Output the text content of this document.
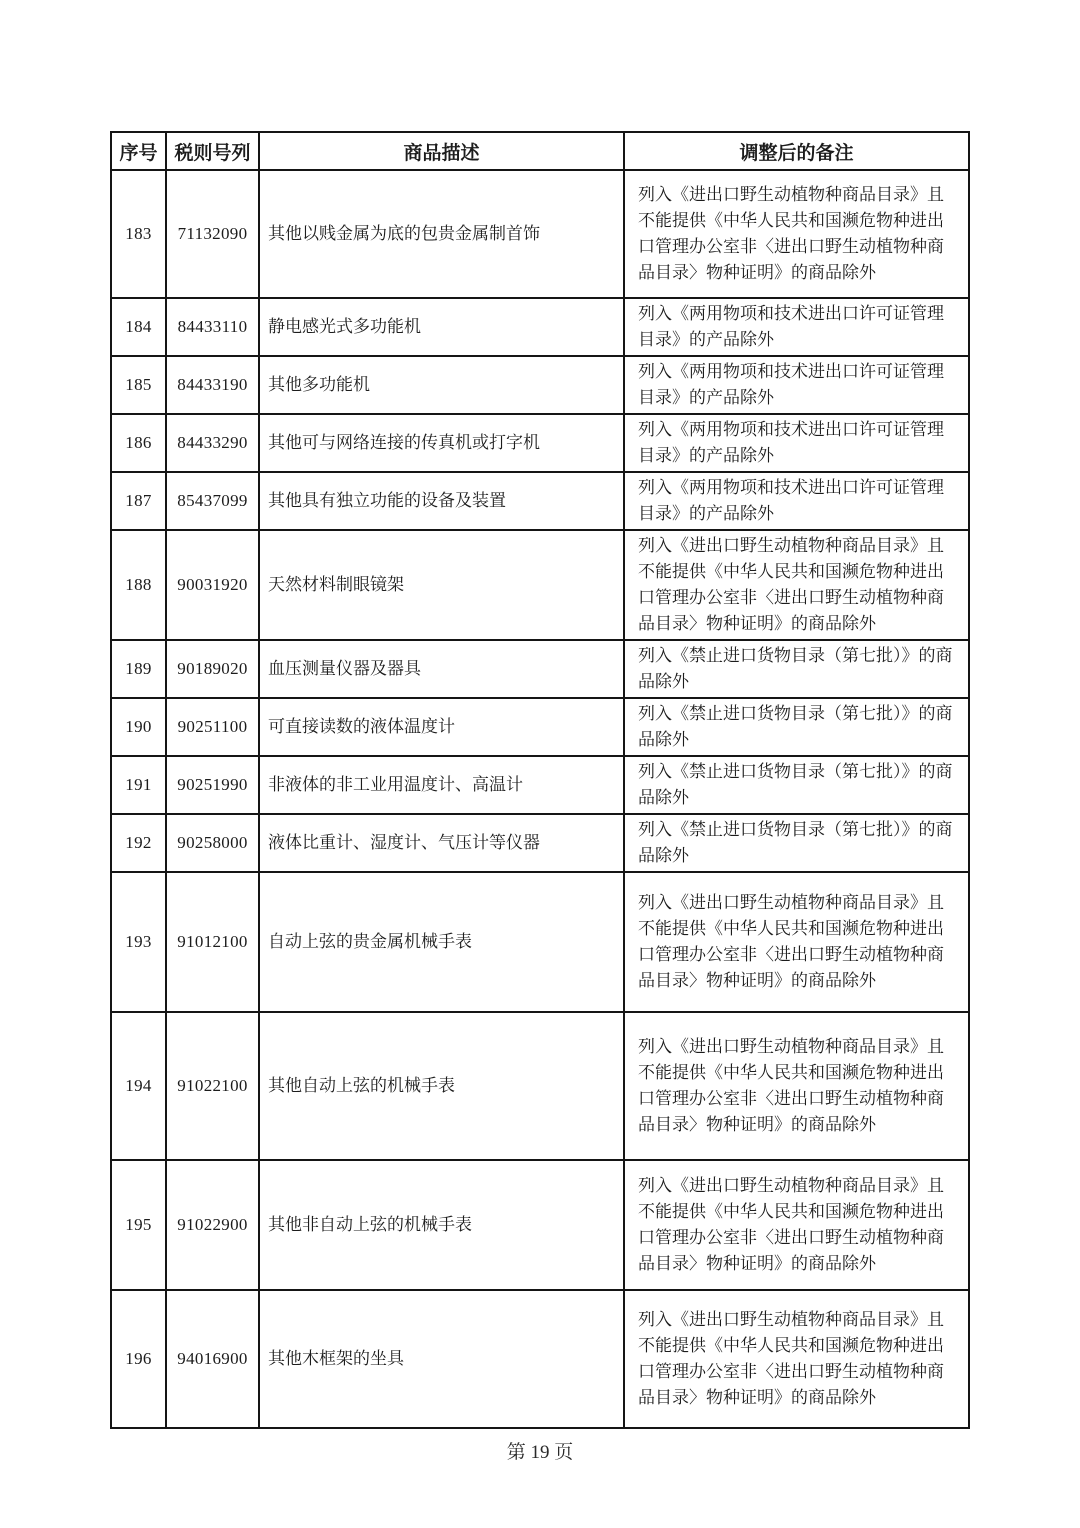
序号	税则号列	商品描述	调整后的备注
183	71132090	其他以贱金属为底的包贵金属制首饰	列入《进出口野生动植物种商品目录》且不能提供《中华人民共和国濒危物种进出口管理办公室非〈进出口野生动植物种商品目录〉物种证明》的商品除外
184	84433110	静电感光式多功能机	列入《两用物项和技术进出口许可证管理目录》的产品除外
185	84433190	其他多功能机	列入《两用物项和技术进出口许可证管理目录》的产品除外
186	84433290	其他可与网络连接的传真机或打字机	列入《两用物项和技术进出口许可证管理目录》的产品除外
187	85437099	其他具有独立功能的设备及装置	列入《两用物项和技术进出口许可证管理目录》的产品除外
188	90031920	天然材料制眼镜架	列入《进出口野生动植物种商品目录》且不能提供《中华人民共和国濒危物种进出口管理办公室非〈进出口野生动植物种商品目录〉物种证明》的商品除外
189	90189020	血压测量仪器及器具	列入《禁止进口货物目录（第七批）》的商品除外
190	90251100	可直接读数的液体温度计	列入《禁止进口货物目录（第七批）》的商品除外
191	90251990	非液体的非工业用温度计、高温计	列入《禁止进口货物目录（第七批）》的商品除外
192	90258000	液体比重计、湿度计、气压计等仪器	列入《禁止进口货物目录（第七批）》的商品除外
193	91012100	自动上弦的贵金属机械手表	列入《进出口野生动植物种商品目录》且不能提供《中华人民共和国濒危物种进出口管理办公室非〈进出口野生动植物种商品目录〉物种证明》的商品除外
194	91022100	其他自动上弦的机械手表	列入《进出口野生动植物种商品目录》且不能提供《中华人民共和国濒危物种进出口管理办公室非〈进出口野生动植物种商品目录〉物种证明》的商品除外
195	91022900	其他非自动上弦的机械手表	列入《进出口野生动植物种商品目录》且不能提供《中华人民共和国濒危物种进出口管理办公室非〈进出口野生动植物种商品目录〉物种证明》的商品除外
196	94016900	其他木框架的坐具	列入《进出口野生动植物种商品目录》且不能提供《中华人民共和国濒危物种进出口管理办公室非〈进出口野生动植物种商品目录〉物种证明》的商品除外
第 19 页
